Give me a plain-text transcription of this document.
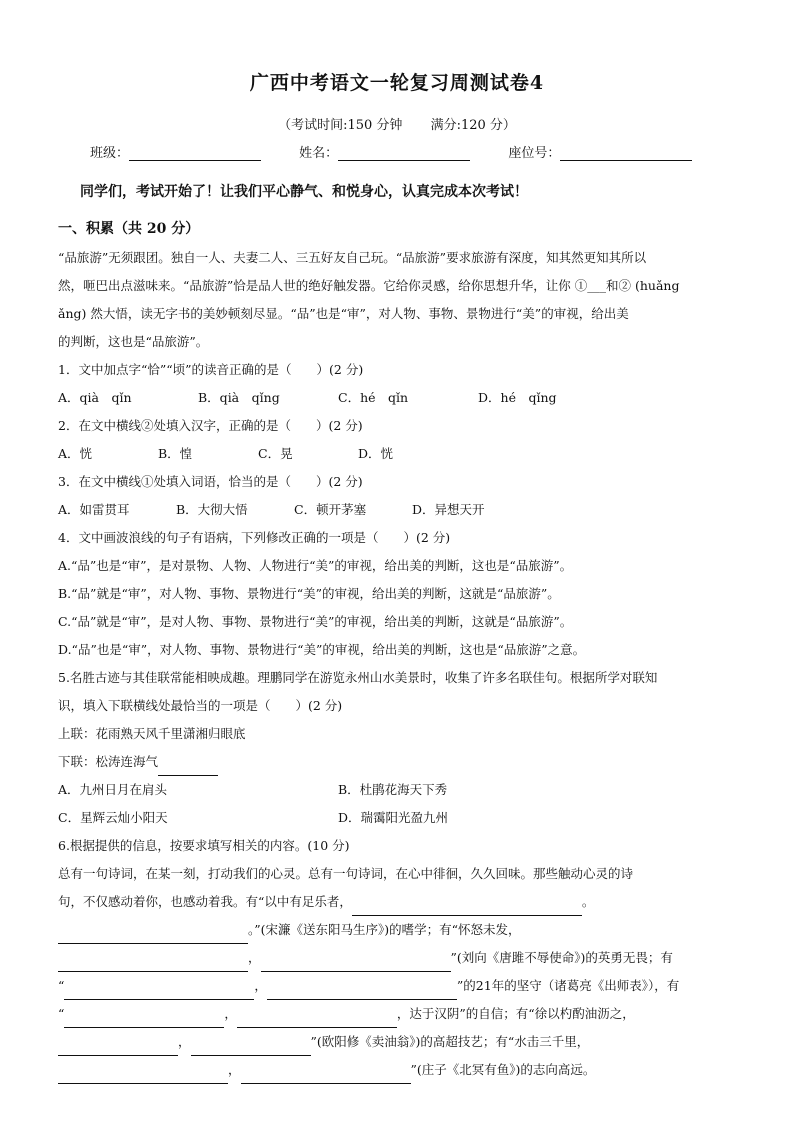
广西中考语文一轮复习周测试卷4
（考试时间:150 分钟 满分:120 分）
班级：	姓名：	座位号：
同学们，考试开始了！让我们平心静气、和悦身心，认真完成本次考试！
一、积累（共 20 分）

“品旅游”无须跟团。独自一人、夫妻二人、三五好友自己玩。“品旅游”要求旅游有深度，知其然更知其所以

然，咂巴出点滋味来。“品旅游”恰是品人世的绝好触发器。它给你灵感，给你思想升华，让你 ①___和② (huǎng

ǎng) 然大悟，读无字书的美妙顿刻尽显。“品”也是“审”，对人物、事物、景物进行“美”的审视，给出美

的判断，这也是“品旅游”。

1．文中加点字“恰”“顷”的读音正确的是（　　）(2 分)

A．qià　qǐn	B．qià　qǐng	C．hé　qǐn	D．hé　qǐng

2．在文中横线②处填入汉字，正确的是（　　）(2 分)

A．恍	B．惶	C．晃	D．恍

3．在文中横线①处填入词语，恰当的是（　　）(2 分)

A．如雷贯耳	B．大彻大悟	C．顿开茅塞	D．异想天开

4．文中画波浪线的句子有语病，下列修改正确的一项是（　　）(2 分)

A.“品”也是“审”，是对景物、人物、人物进行“美”的审视，给出美的判断，这也是“品旅游”。

B.“品”就是“审”，对人物、事物、景物进行“美”的审视，给出美的判断，这就是“品旅游”。

C.“品”就是“审”，是对人物、事物、景物进行“美”的审视，给出美的判断，这就是“品旅游”。

D.“品”也是“审”，对人物、事物、景物进行“美”的审视，给出美的判断，这也是“品旅游”之意。

5.名胜古迹与其佳联常能相映成趣。理鹏同学在游览永州山水美景时，收集了许多名联佳句。根据所学对联知

识，填入下联横线处最恰当的一项是（　　）(2 分)

上联：花雨熟天风千里潇湘归眼底

下联：松涛连海气

A．九州日月在肩头	B．杜鹃花海天下秀
C．星辉云灿小阳天	D．瑞霭阳光盈九州

6.根据提供的信息，按要求填写相关的内容。(10 分)

总有一句诗词，在某一刻，打动我们的心灵。总有一句诗词，在心中徘徊，久久回味。那些触动心灵的诗

句，不仅感动着你，也感动着我。有“以中有足乐者，	。

。”(宋濂《送东阳马生序》)的嗜学；有“怀怒未发，

，	”(刘向《唐雎不辱使命》)的英勇无畏；有

“	，	”的21年的坚守（诸葛亮《出师表》），有

“	，	，达于汉阴”的自信；有“徐以杓酌油沥之，

，	”(欧阳修《卖油翁》)的高超技艺；有“水击三千里，

，	”(庄子《北冥有鱼》)的志向高远。
